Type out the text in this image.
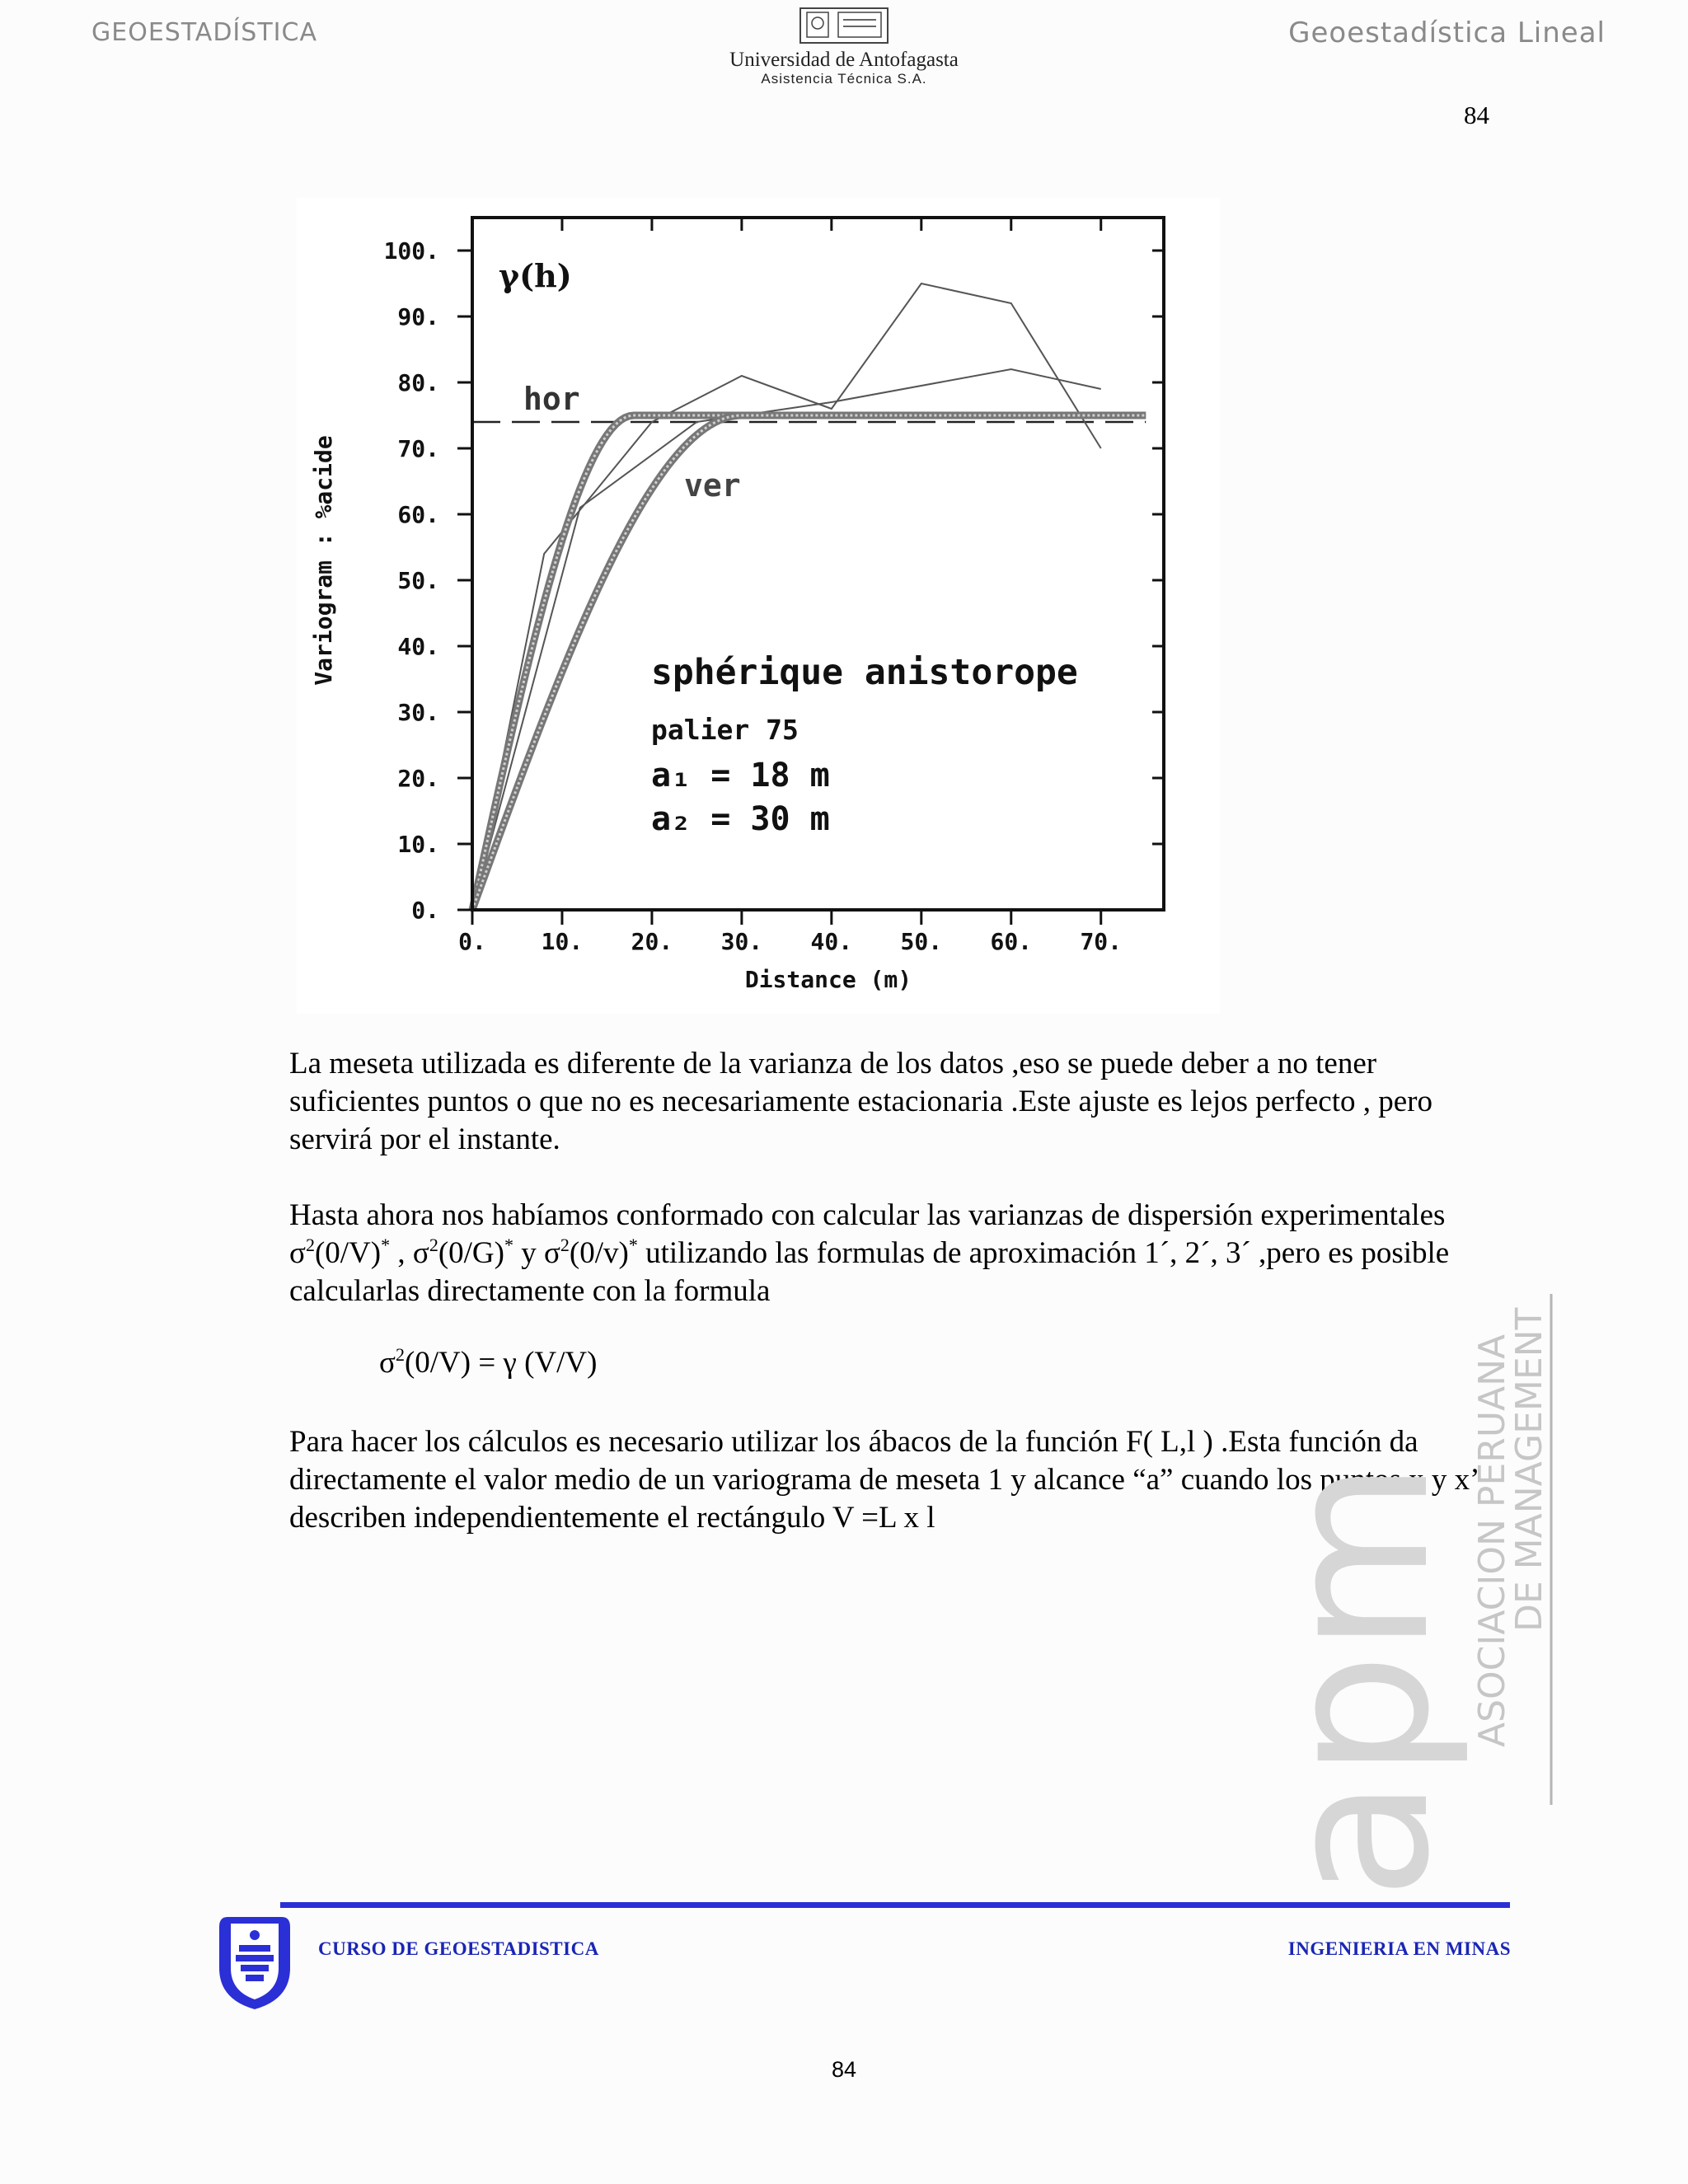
GEOESTADÍSTICA	Geoestadística Lineal
Universidad de Antofagasta
Asistencia Técnica S.A.
84
0.
10.
20.
30.
40.
50.
60.
70.
80.
90.
100.
0. 10. 20. 30. 40. 50. 60. 70.
γ(h)
hor
ver
sphérique anistorope
palier 75
a₁ = 18 m
a₂ = 30 m
Variogram : %acide
Distance (m)
La meseta utilizada es diferente de la varianza de los datos ,eso se puede deber a no tener suficientes puntos o que no es necesariamente estacionaria .Este ajuste es lejos perfecto , pero servirá por el instante.
Hasta ahora nos habíamos conformado con calcular las varianzas de dispersión experimentales $\sigma^2(0/V)^*$ , $\sigma^2(0/G)^*$ y $\sigma^2(0/v)^*$ utilizando las formulas de aproximación 1´, 2´, 3´ ,pero es posible calcularlas directamente con la formula
$\sigma^2(0/V) = \gamma$ (V/V)
Para hacer los cálculos es necesario utilizar los ábacos de la función F( L,l ) .Esta función da directamente el valor medio de un variograma de meseta 1 y alcance “a” cuando los puntos x y x’ describen independientemente el rectángulo V =L x l	apm
ASOCIACION PERUANA
DE MANAGEMENT
CURSO DE GEOESTADISTICA	INGENIERIA EN MINAS
84
